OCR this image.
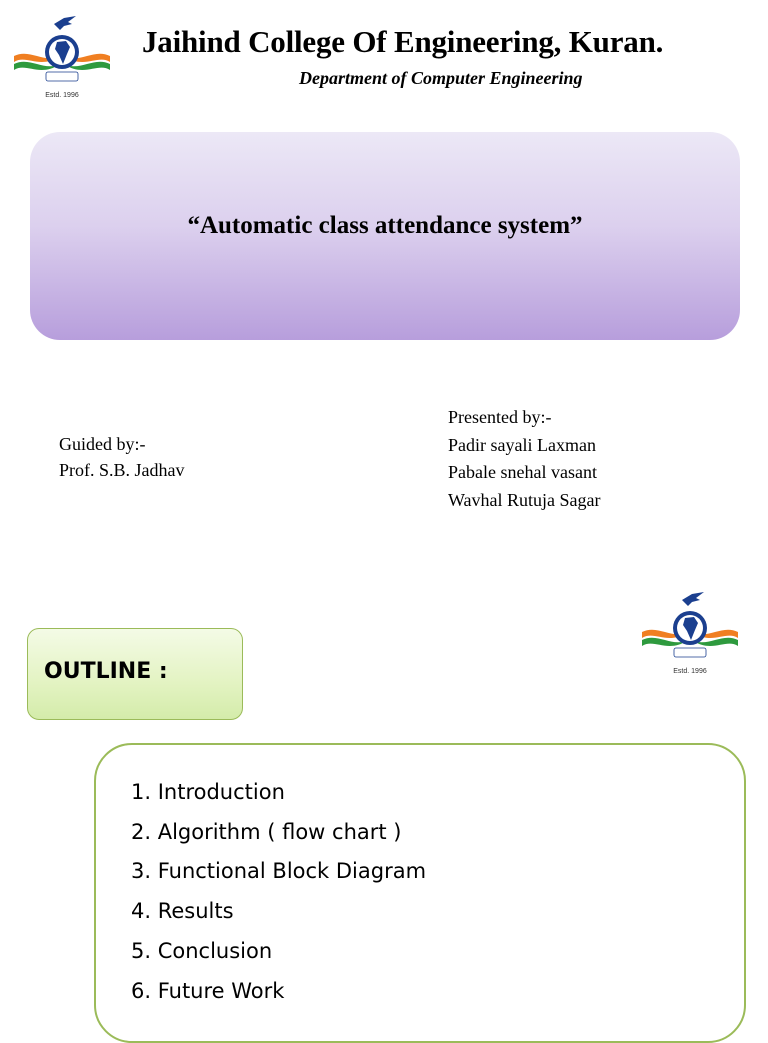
Estd. 1996
Jaihind College Of Engineering, Kuran.
Department of Computer Engineering
“Automatic class attendance system”
Guided by:-
Prof. S.B. Jadhav
Presented by:-
Padir sayali Laxman
Pabale snehal vasant
Wavhal Rutuja Sagar
Estd. 1996
OUTLINE :
1. Introduction
2. Algorithm ( flow chart )
3. Functional Block Diagram
4. Results
5. Conclusion
6. Future Work
